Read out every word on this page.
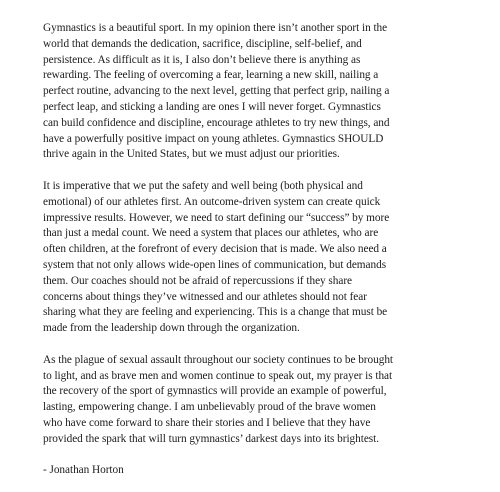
Gymnastics is a beautiful sport. In my opinion there isn’t another sport in the
world that demands the dedication, sacrifice, discipline, self-belief, and
persistence. As difficult as it is, I also don’t believe there is anything as
rewarding. The feeling of overcoming a fear, learning a new skill, nailing a
perfect routine, advancing to the next level, getting that perfect grip, nailing a
perfect leap, and sticking a landing are ones I will never forget. Gymnastics
can build confidence and discipline, encourage athletes to try new things, and
have a powerfully positive impact on young athletes. Gymnastics SHOULD
thrive again in the United States, but we must adjust our priorities.

It is imperative that we put the safety and well being (both physical and
emotional) of our athletes first. An outcome-driven system can create quick
impressive results. However, we need to start defining our “success” by more
than just a medal count. We need a system that places our athletes, who are
often children, at the forefront of every decision that is made. We also need a
system that not only allows wide-open lines of communication, but demands
them. Our coaches should not be afraid of repercussions if they share
concerns about things they’ve witnessed and our athletes should not fear
sharing what they are feeling and experiencing. This is a change that must be
made from the leadership down through the organization.

As the plague of sexual assault throughout our society continues to be brought
to light, and as brave men and women continue to speak out, my prayer is that
the recovery of the sport of gymnastics will provide an example of powerful,
lasting, empowering change. I am unbelievably proud of the brave women
who have come forward to share their stories and I believe that they have
provided the spark that will turn gymnastics’ darkest days into its brightest.

- Jonathan Horton
